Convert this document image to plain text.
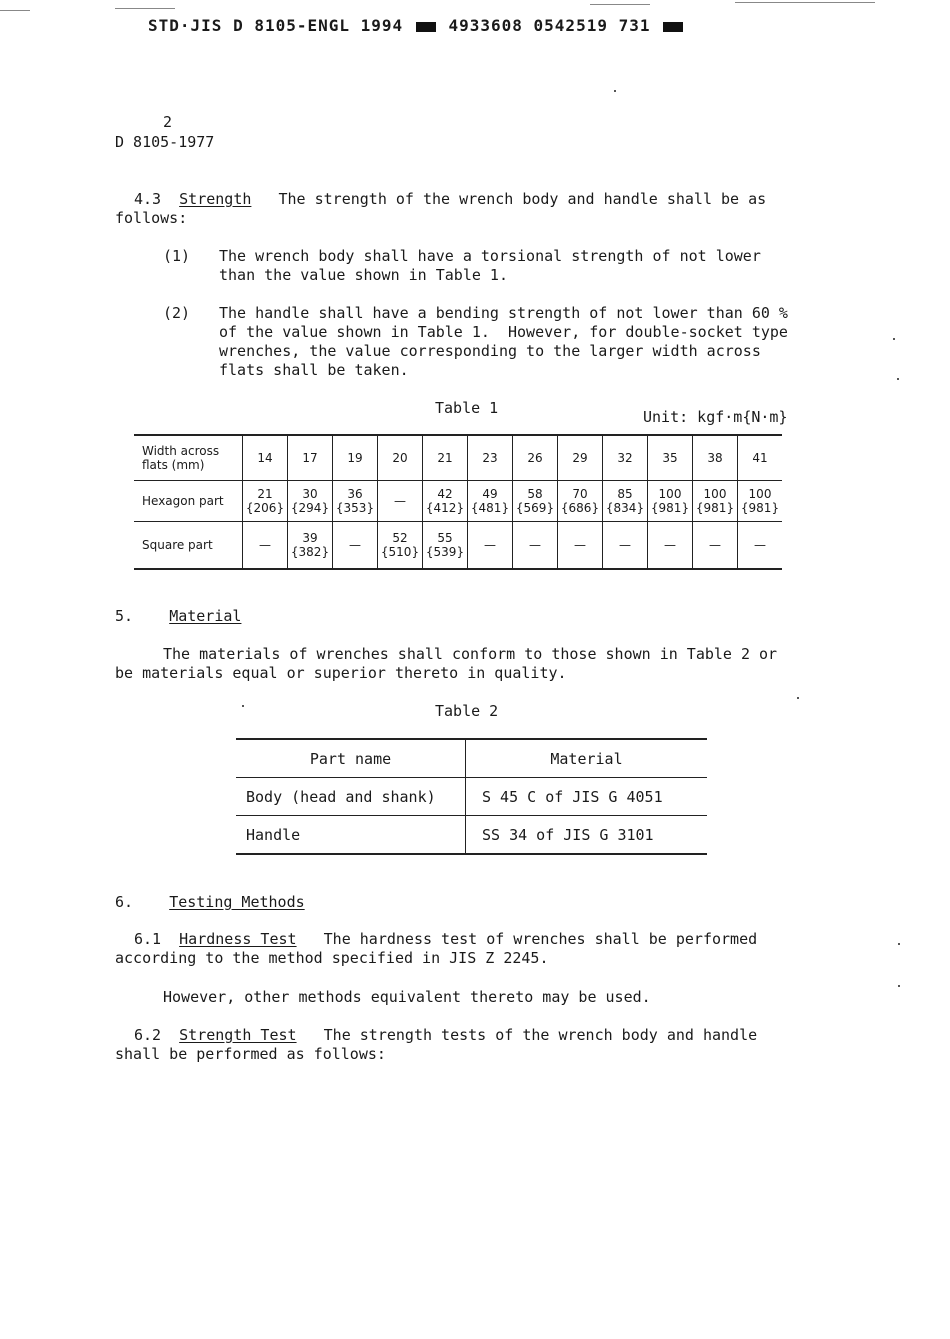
STD·JIS D 8105-ENGL 1994	4933608 0542519 731
2
D 8105-1977
4.3 Strength The strength of the wrench body and handle shall be as
follows:
(1) The wrench body shall have a torsional strength of not lower
than the value shown in Table 1.
(2) The handle shall have a bending strength of not lower than 60 %
of the value shown in Table 1.  However, for double-socket type
wrenches, the value corresponding to the larger width across
flats shall be taken.
Table 1	Unit: kgf·m{N·m}
Width across
flats (mm)	14	17	19	20	21	23	26	29	32	35	38	41
Hexagon part	21
{206}	30
{294}	36
{353}	—	42
{412}	49
{481}	58
{569}	70
{686}	85
{834}	100
{981}	100
{981}	100
{981}
Square part	—	39
{382}	—	52
{510}	55
{539}	—	—	—	—	—	—	—
5. Material
The materials of wrenches shall conform to those shown in Table 2 or
be materials equal or superior thereto in quality.
Table 2
Part name	Material
Body (head and shank)	S 45 C of JIS G 4051
Handle	SS 34 of JIS G 3101
6. Testing Methods
6.1 Hardness Test The hardness test of wrenches shall be performed
according to the method specified in JIS Z 2245.
However, other methods equivalent thereto may be used.
6.2 Strength Test The strength tests of the wrench body and handle
shall be performed as follows:
